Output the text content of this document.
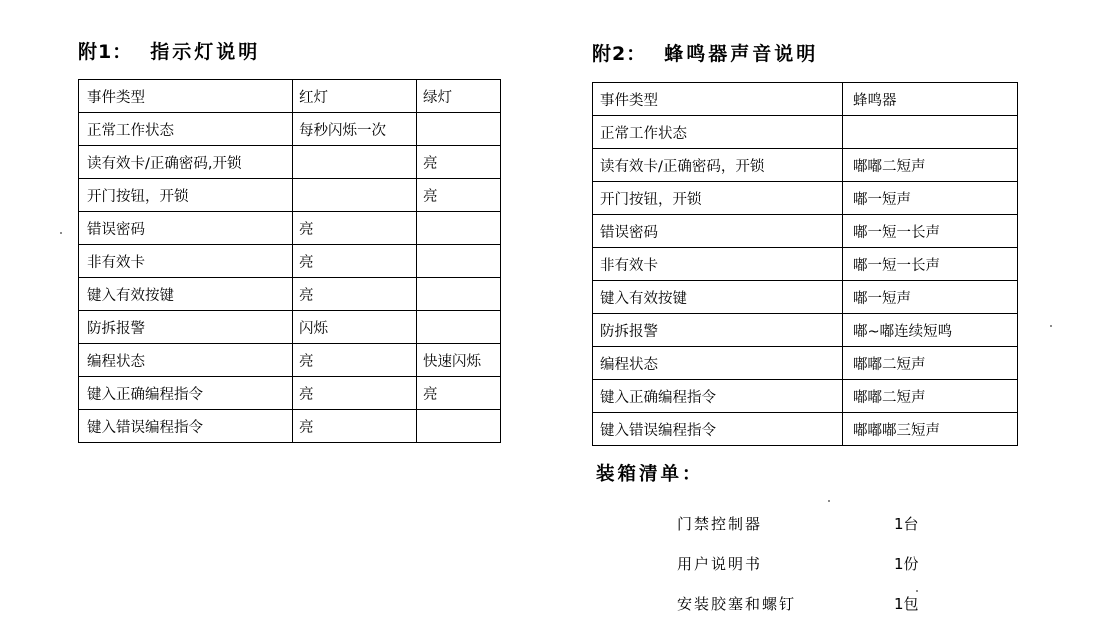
附1： 指示灯说明
事件类型	红灯	绿灯
正常工作状态	每秒闪烁一次	
读有效卡/正确密码,开锁		亮
开门按钮，开锁		亮
错误密码	亮	
非有效卡	亮	
键入有效按键	亮	
防拆报警	闪烁	
编程状态	亮	快速闪烁
键入正确编程指令	亮	亮
键入错误编程指令	亮	
附2： 蜂鸣器声音说明
事件类型	蜂鸣器
正常工作状态	
读有效卡/正确密码，开锁	嘟嘟二短声
开门按钮，开锁	嘟一短声
错误密码	嘟一短一长声
非有效卡	嘟一短一长声
键入有效按键	嘟一短声
防拆报警	嘟~嘟连续短鸣
编程状态	嘟嘟二短声
键入正确编程指令	嘟嘟二短声
键入错误编程指令	嘟嘟嘟三短声
装箱清单：
门禁控制器	1台
用户说明书	1份
安装胶塞和螺钉	1包
